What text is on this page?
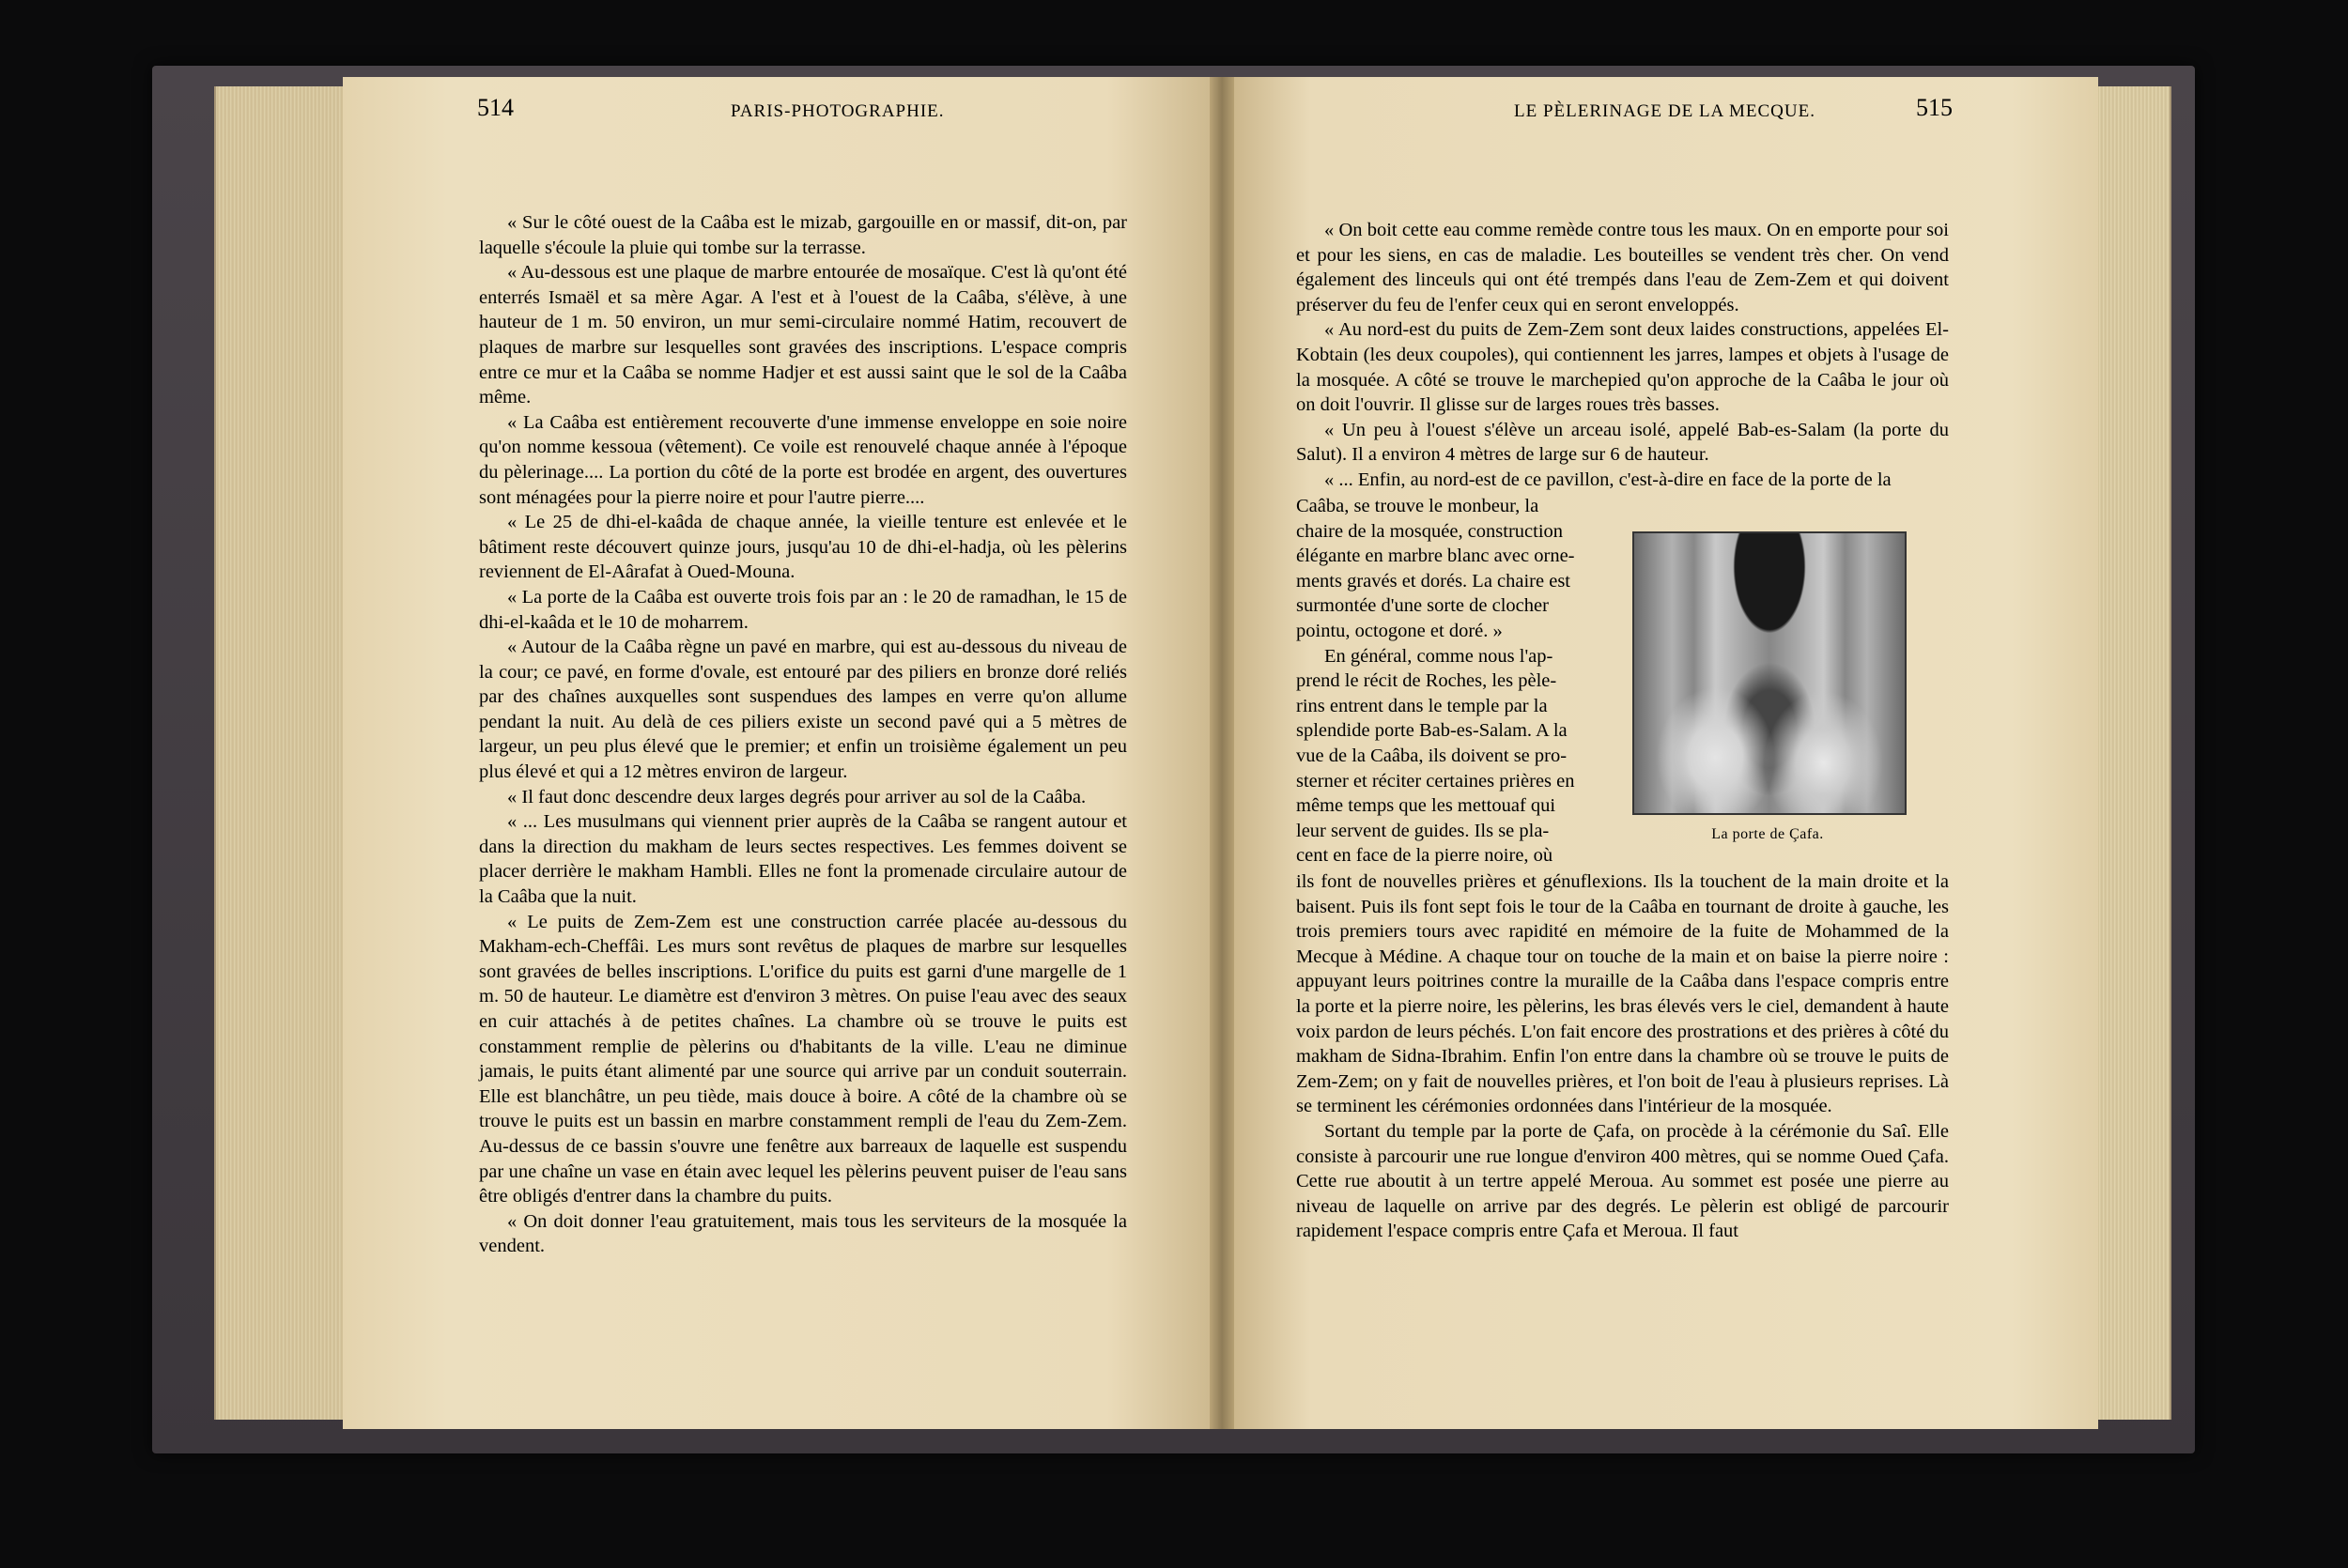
514	PARIS-PHOTOGRAPHIE.

« Sur le côté ouest de la Caâba est le mizab, gargouille en or massif, dit-on, par laquelle s'écoule la pluie qui tombe sur la terrasse.

« Au-dessous est une plaque de marbre entourée de mosaïque. C'est là qu'ont été enterrés Ismaël et sa mère Agar. A l'est et à l'ouest de la Caâba, s'élève, à une hauteur de 1 m. 50 environ, un mur semi-circulaire nommé Hatim, recouvert de plaques de marbre sur lesquelles sont gravées des inscriptions. L'espace compris entre ce mur et la Caâba se nomme Hadjer et est aussi saint que le sol de la Caâba même.

« La Caâba est entièrement recouverte d'une immense enveloppe en soie noire qu'on nomme kessoua (vêtement). Ce voile est renouvelé chaque année à l'époque du pèlerinage.... La portion du côté de la porte est brodée en argent, des ouvertures sont ménagées pour la pierre noire et pour l'autre pierre....

« Le 25 de dhi-el-kaâda de chaque année, la vieille tenture est enlevée et le bâtiment reste découvert quinze jours, jusqu'au 10 de dhi-el-hadja, où les pèlerins reviennent de El-Aârafat à Oued-Mouna.

« La porte de la Caâba est ouverte trois fois par an : le 20 de ramadhan, le 15 de dhi-el-kaâda et le 10 de moharrem.

« Autour de la Caâba règne un pavé en marbre, qui est au-dessous du niveau de la cour; ce pavé, en forme d'ovale, est entouré par des piliers en bronze doré reliés par des chaînes auxquelles sont suspendues des lampes en verre qu'on allume pendant la nuit. Au delà de ces piliers existe un second pavé qui a 5 mètres de largeur, un peu plus élevé que le premier; et enfin un troisième également un peu plus élevé et qui a 12 mètres environ de largeur.

« Il faut donc descendre deux larges degrés pour arriver au sol de la Caâba.

« ... Les musulmans qui viennent prier auprès de la Caâba se rangent autour et dans la direction du makham de leurs sectes respectives. Les femmes doivent se placer derrière le makham Hambli. Elles ne font la promenade circulaire autour de la Caâba que la nuit.

« Le puits de Zem-Zem est une construction carrée placée au-dessous du Makham-ech-Cheffâi. Les murs sont revêtus de plaques de marbre sur lesquelles sont gravées de belles inscriptions. L'orifice du puits est garni d'une margelle de 1 m. 50 de hauteur. Le diamètre est d'environ 3 mètres. On puise l'eau avec des seaux en cuir attachés à de petites chaînes. La chambre où se trouve le puits est constamment remplie de pèlerins ou d'habitants de la ville. L'eau ne diminue jamais, le puits étant alimenté par une source qui arrive par un conduit souterrain. Elle est blanchâtre, un peu tiède, mais douce à boire. A côté de la chambre où se trouve le puits est un bassin en marbre constamment rempli de l'eau du Zem-Zem. Au-dessus de ce bassin s'ouvre une fenêtre aux barreaux de laquelle est suspendu par une chaîne un vase en étain avec lequel les pèlerins peuvent puiser de l'eau sans être obligés d'entrer dans la chambre du puits.

« On doit donner l'eau gratuitement, mais tous les serviteurs de la mosquée la vendent.

LE PÈLERINAGE DE LA MECQUE.	515

« On boit cette eau comme remède contre tous les maux. On en emporte pour soi et pour les siens, en cas de maladie. Les bouteilles se vendent très cher. On vend également des linceuls qui ont été trempés dans l'eau de Zem-Zem et qui doivent préserver du feu de l'enfer ceux qui en seront enveloppés.

« Au nord-est du puits de Zem-Zem sont deux laides constructions, appelées El-Kobtain (les deux coupoles), qui contiennent les jarres, lampes et objets à l'usage de la mosquée. A côté se trouve le marchepied qu'on approche de la Caâba le jour où on doit l'ouvrir. Il glisse sur de larges roues très basses.

« Un peu à l'ouest s'élève un arceau isolé, appelé Bab-es-Salam (la porte du Salut). Il a environ 4 mètres de large sur 6 de hauteur.

« ... Enfin, au nord-est de ce pavillon, c'est-à-dire en face de la porte de la

Caâba, se trouve le monbeur, la
chaire de la mosquée, construction
élégante en marbre blanc avec orne-
ments gravés et dorés. La chaire est
surmontée d'une sorte de clocher
pointu, octogone et doré. »
En général, comme nous l'ap-
prend le récit de Roches, les pèle-
rins entrent dans le temple par la
splendide porte Bab-es-Salam. A la
vue de la Caâba, ils doivent se pro-
sterner et réciter certaines prières en
même temps que les mettouaf qui
leur servent de guides. Ils se pla-
cent en face de la pierre noire, où
La porte de Çafa.

ils font de nouvelles prières et génuflexions. Ils la touchent de la main droite et la baisent. Puis ils font sept fois le tour de la Caâba en tournant de droite à gauche, les trois premiers tours avec rapidité en mémoire de la fuite de Mohammed de la Mecque à Médine. A chaque tour on touche de la main et on baise la pierre noire : appuyant leurs poitrines contre la muraille de la Caâba dans l'espace compris entre la porte et la pierre noire, les pèlerins, les bras élevés vers le ciel, demandent à haute voix pardon de leurs péchés. L'on fait encore des prostrations et des prières à côté du makham de Sidna-Ibrahim. Enfin l'on entre dans la chambre où se trouve le puits de Zem-Zem; on y fait de nouvelles prières, et l'on boit de l'eau à plusieurs reprises. Là se terminent les cérémonies ordonnées dans l'intérieur de la mosquée.

Sortant du temple par la porte de Çafa, on procède à la cérémonie du Saî. Elle consiste à parcourir une rue longue d'environ 400 mètres, qui se nomme Oued Çafa. Cette rue aboutit à un tertre appelé Meroua. Au sommet est posée une pierre au niveau de laquelle on arrive par des degrés. Le pèlerin est obligé de parcourir rapidement l'espace compris entre Çafa et Meroua. Il faut
